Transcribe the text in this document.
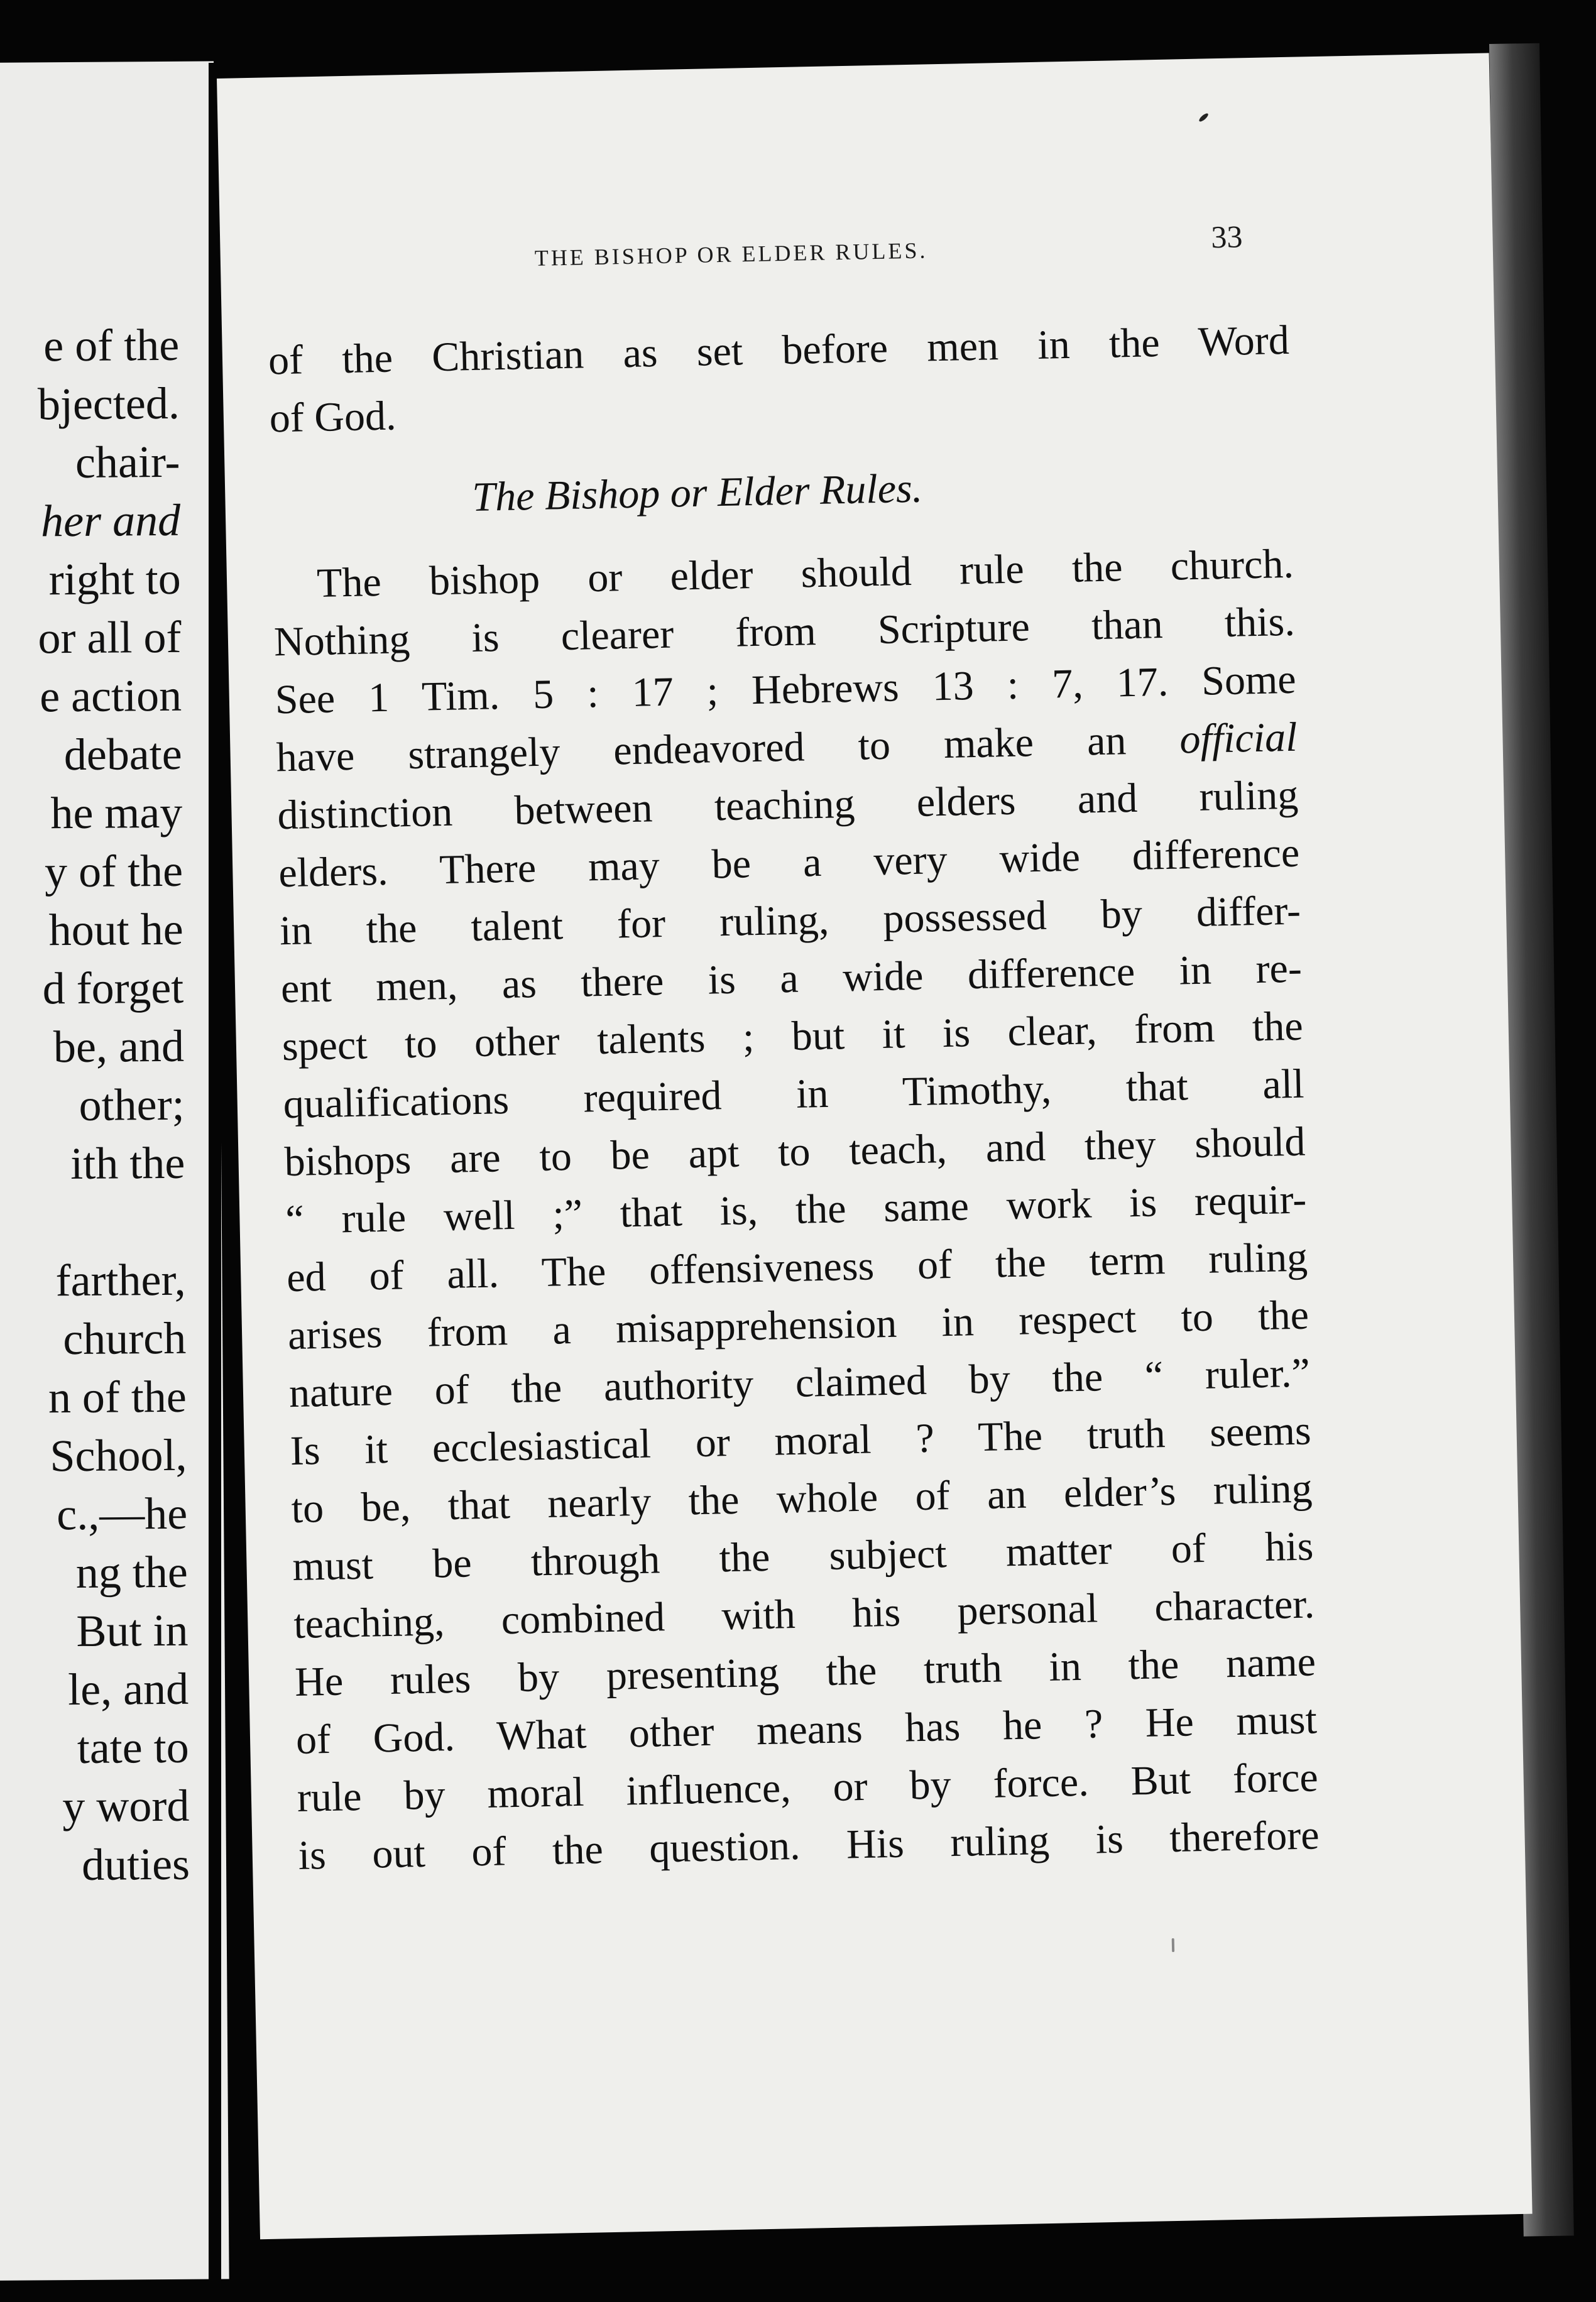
e of the
bjected.
chair-
her and
right to
or all of
e action
debate
he may
y of the
hout he
d forget
be, and
other;
ith the

farther,
church
n of the
School,
c.,—he
ng the
But in
le, and
tate to
y word
duties
THE BISHOP OR ELDER RULES.	33
of the Christian as set before men in the Word
of God.
The Bishop or Elder Rules.
The bishop or elder should rule the church.
Nothing is clearer from Scripture than this.
See 1 Tim. 5 : 17 ; Hebrews 13 : 7, 17. Some
have strangely endeavored to make an official
distinction between teaching elders and ruling
elders. There may be a very wide difference
in the talent for ruling, possessed by differ-
ent men, as there is a wide difference in re-
spect to other talents ; but it is clear, from the
qualifications required in Timothy, that all
bishops are to be apt to teach, and they should
“ rule well ;” that is, the same work is requir-
ed of all. The offensiveness of the term ruling
arises from a misapprehension in respect to the
nature of the authority claimed by the “ ruler.”
Is it ecclesiastical or moral ? The truth seems
to be, that nearly the whole of an elder’s ruling
must be through the subject matter of his
teaching, combined with his personal character.
He rules by presenting the truth in the name
of God. What other means has he ? He must
rule by moral influence, or by force. But force
is out of the question. His ruling is therefore
